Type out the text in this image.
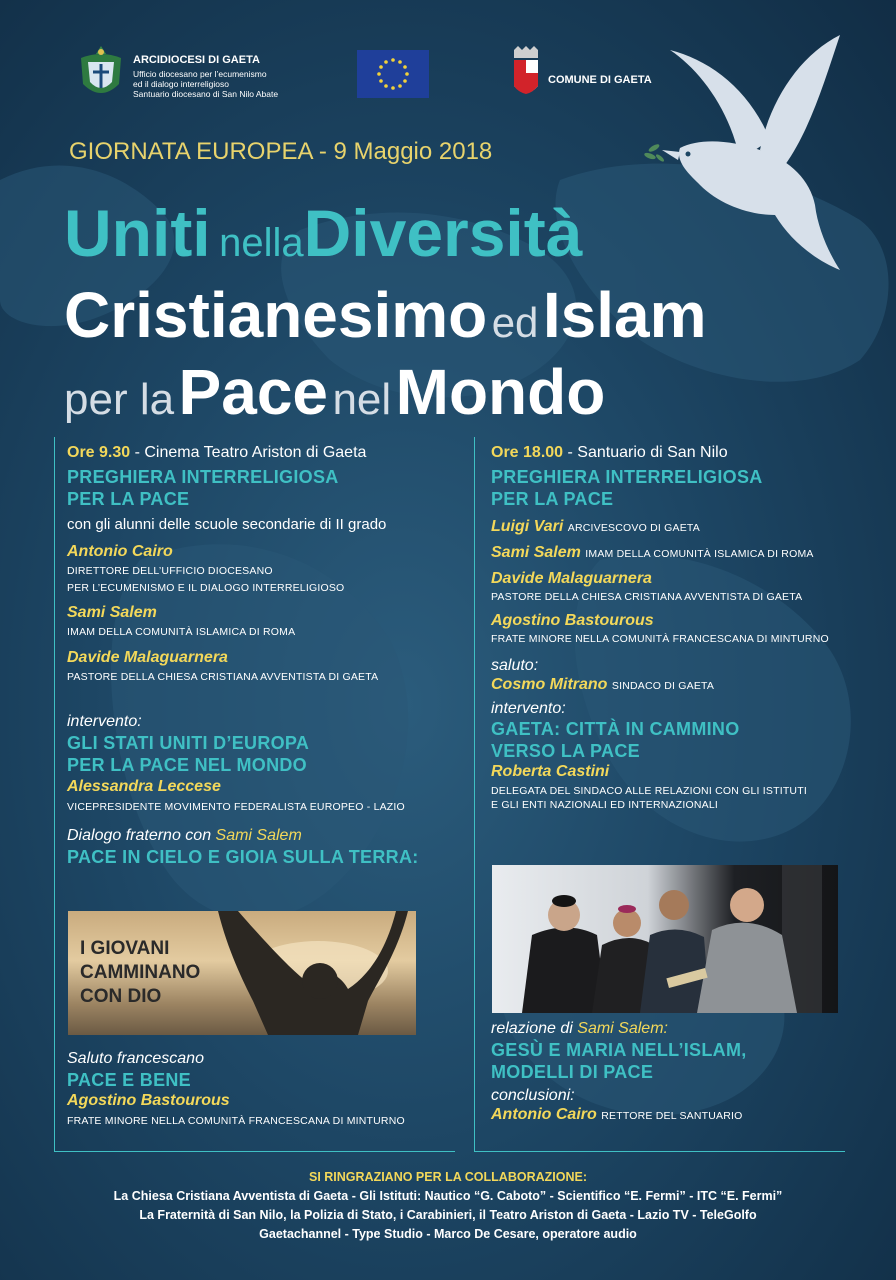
ARCIDIOCESI DI GAETA
Ufficio diocesano per l’ecumenismo
ed il dialogo interreligioso
Santuario diocesano di San Nilo Abate
COMUNE DI GAETA
GIORNATA EUROPEA - 9 Maggio 2018
Uniti nellaDiversità
Cristianesimo ed Islam
per la Pace nel Mondo
Ore 9.30 - Cinema Teatro Ariston di Gaeta
PREGHIERA INTERRELIGIOSA
PER LA PACE
con gli alunni delle scuole secondarie di II grado
Antonio Cairo
DIRETTORE DELL’UFFICIO DIOCESANO
PER L’ECUMENISMO E IL DIALOGO INTERRELIGIOSO
Sami Salem
IMAM DELLA COMUNITÀ ISLAMICA DI ROMA
Davide Malaguarnera
PASTORE DELLA CHIESA CRISTIANA AVVENTISTA DI GAETA
intervento:
GLI STATI UNITI D’EUROPA
PER LA PACE NEL MONDO
Alessandra Leccese
VICEPRESIDENTE MOVIMENTO FEDERALISTA EUROPEO - LAZIO
Dialogo fraterno con Sami Salem
PACE IN CIELO E GIOIA SULLA TERRA:
I GIOVANI
CAMMINANO
CON DIO
Saluto francescano
PACE E BENE
Agostino Bastourous
FRATE MINORE NELLA COMUNITÀ FRANCESCANA DI MINTURNO
Ore 18.00 - Santuario di San Nilo
PREGHIERA INTERRELIGIOSA
PER LA PACE
Luigi Vari ARCIVESCOVO DI GAETA
Sami Salem IMAM DELLA COMUNITÀ ISLAMICA DI ROMA
Davide Malaguarnera
PASTORE DELLA CHIESA CRISTIANA AVVENTISTA DI GAETA
Agostino Bastourous
FRATE MINORE NELLA COMUNITÀ FRANCESCANA DI MINTURNO
saluto:
Cosmo Mitrano SINDACO DI GAETA
intervento:
GAETA: CITTÀ IN CAMMINO
VERSO LA PACE
Roberta Castini
DELEGATA DEL SINDACO ALLE RELAZIONI CON GLI ISTITUTI
E GLI ENTI NAZIONALI ED INTERNAZIONALI
relazione di Sami Salem:
GESÙ E MARIA NELL’ISLAM,
MODELLI DI PACE
conclusioni:
Antonio Cairo RETTORE DEL SANTUARIO
SI RINGRAZIANO PER LA COLLABORAZIONE:
La Chiesa Cristiana Avventista di Gaeta - Gli Istituti: Nautico “G. Caboto” - Scientifico “E. Fermi” - ITC “E. Fermi”
La Fraternità di San Nilo, la Polizia di Stato, i Carabinieri, il Teatro Ariston di Gaeta - Lazio TV - TeleGolfo
Gaetachannel - Type Studio - Marco De Cesare, operatore audio
